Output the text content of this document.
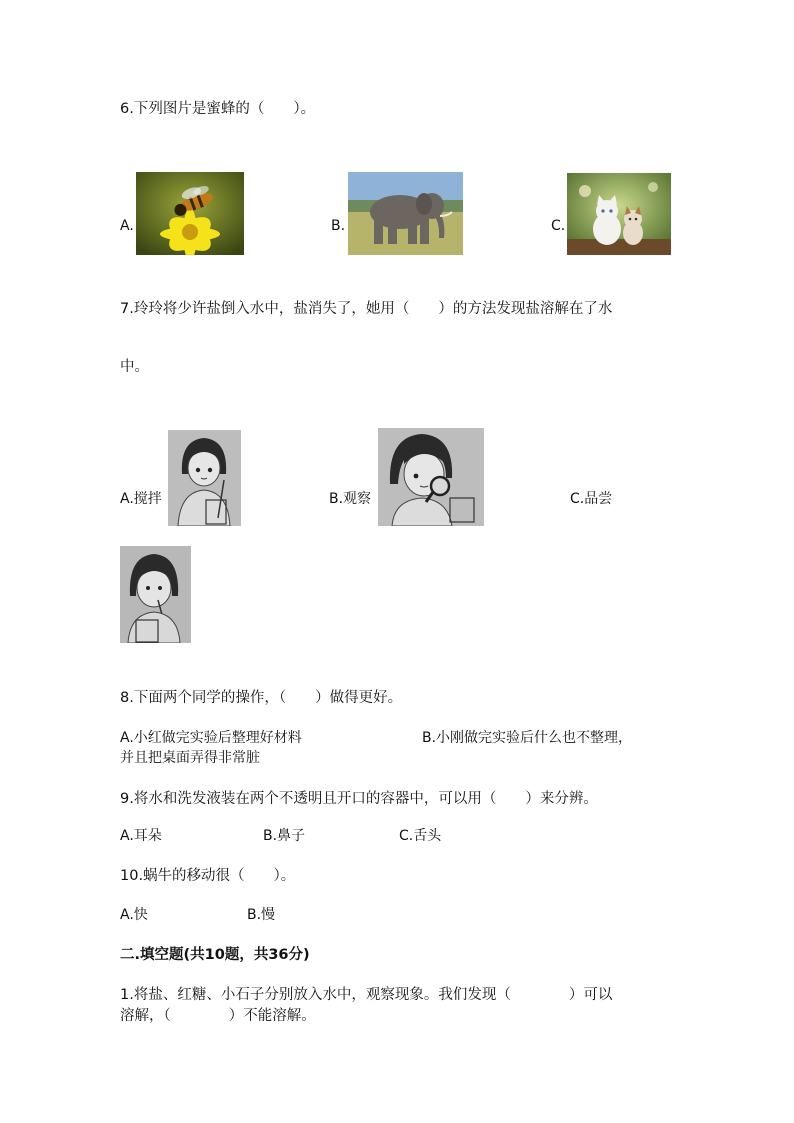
6.下列图片是蜜蜂的（　　）。
A.	B.	C.
7.玲玲将少许盐倒入水中，盐消失了，她用（　　）的方法发现盐溶解在了水
中。
A.搅拌	B.观察	C.品尝
8.下面两个同学的操作，（　　）做得更好。
A.小红做完实验后整理好材料	B.小刚做完实验后什么也不整理，
并且把桌面弄得非常脏
9.将水和洗发液装在两个不透明且开口的容器中，可以用（　　）来分辨。
A.耳朵	B.鼻子	C.舌头
10.蜗牛的移动很（　　）。
A.快	B.慢
二.填空题(共10题，共36分)
1.将盐、红糖、小石子分别放入水中，观察现象。我们发现（　　　　）可以
溶解，（　　　　）不能溶解。
